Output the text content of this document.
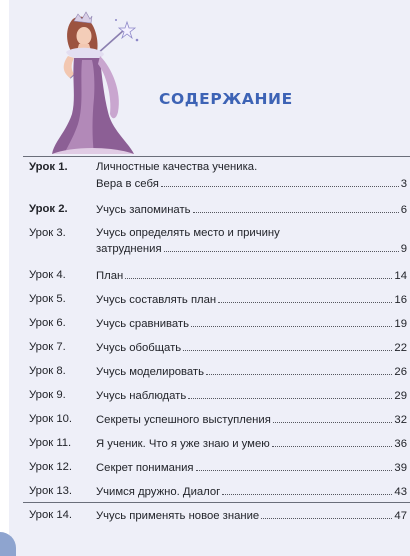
СОДЕРЖАНИЕ
Урок 1.	Личностные качества ученика.
Вера в себя	3
Урок 2.	Учусь запоминать	6
Урок 3.	Учусь определять место и причину
затруднения	9
Урок 4.	План	14
Урок 5.	Учусь составлять план	16
Урок 6.	Учусь сравнивать	19
Урок 7.	Учусь обобщать	22
Урок 8.	Учусь моделировать	26
Урок 9.	Учусь наблюдать	29
Урок 10. Секреты успешного выступления	32
Урок 11. Я ученик. Что я уже знаю и умею	36
Урок 12. Секрет понимания	39
Урок 13. Учимся дружно. Диалог	43
Урок 14. Учусь применять новое знание	47
